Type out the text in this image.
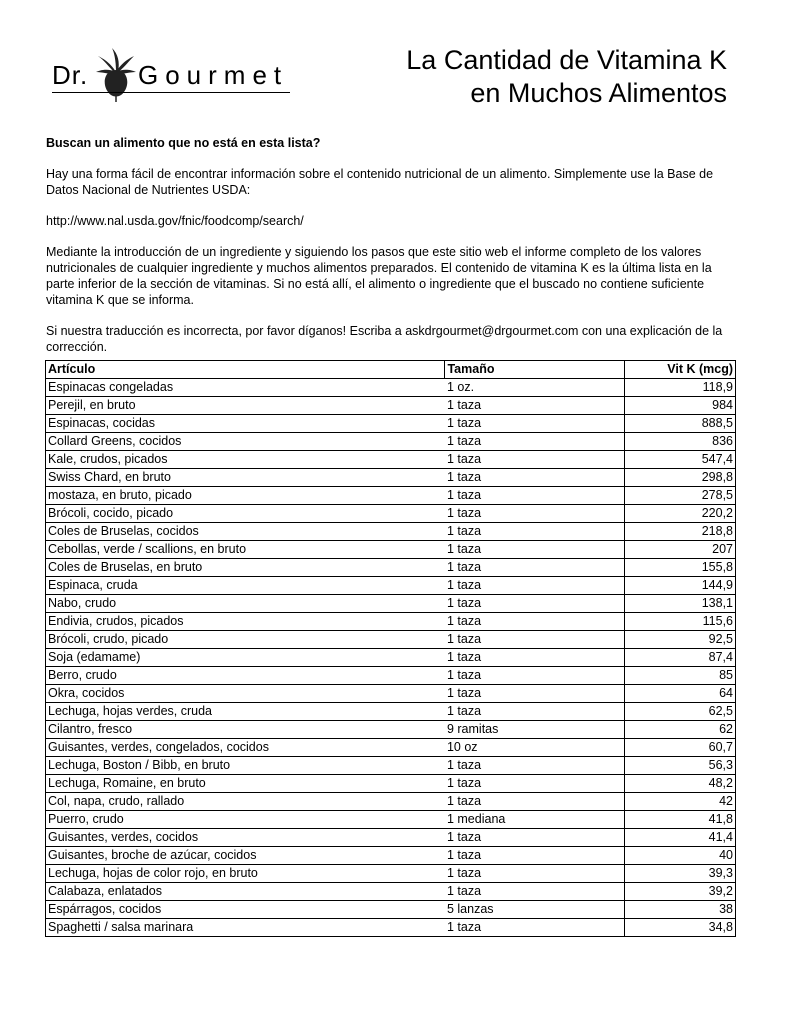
Dr. Gourmet	La Cantidad de Vitamina K
en Muchos Alimentos

Buscan un alimento que no está en esta lista?

Hay una forma fácil de encontrar información sobre el contenido nutricional de un alimento. Simplemente use la Base de Datos Nacional de Nutrientes USDA:

http://www.nal.usda.gov/fnic/foodcomp/search/

Mediante la introducción de un ingrediente y siguiendo los pasos que este sitio web el informe completo de los valores nutricionales de cualquier ingrediente y muchos alimentos preparados. El contenido de vitamina K es la última lista en la parte inferior de la sección de vitaminas. Si no está allí, el alimento o ingrediente que el buscado no contiene suficiente vitamina K que se informa.

Si nuestra traducción es incorrecta, por favor díganos! Escriba a askdrgourmet@drgourmet.com con una explicación de la corrección.

Artículo	Tamaño	Vit K (mcg)
Espinacas congeladas	1 oz.	118,9
Perejil, en bruto	1 taza	984
Espinacas, cocidas	1 taza	888,5
Collard Greens, cocidos	1 taza	836
Kale, crudos, picados	1 taza	547,4
Swiss Chard, en bruto	1 taza	298,8
mostaza, en bruto, picado	1 taza	278,5
Brócoli, cocido, picado	1 taza	220,2
Coles de Bruselas, cocidos	1 taza	218,8
Cebollas, verde / scallions, en bruto	1 taza	207
Coles de Bruselas, en bruto	1 taza	155,8
Espinaca, cruda	1 taza	144,9
Nabo, crudo	1 taza	138,1
Endivia, crudos, picados	1 taza	115,6
Brócoli, crudo, picado	1 taza	92,5
Soja (edamame)	1 taza	87,4
Berro, crudo	1 taza	85
Okra, cocidos	1 taza	64
Lechuga, hojas verdes, cruda	1 taza	62,5
Cilantro, fresco	9 ramitas	62
Guisantes, verdes, congelados, cocidos	10 oz	60,7
Lechuga, Boston / Bibb, en bruto	1 taza	56,3
Lechuga, Romaine, en bruto	1 taza	48,2
Col, napa, crudo, rallado	1 taza	42
Puerro, crudo	1 mediana	41,8
Guisantes, verdes, cocidos	1 taza	41,4
Guisantes, broche de azúcar, cocidos	1 taza	40
Lechuga, hojas de color rojo, en bruto	1 taza	39,3
Calabaza, enlatados	1 taza	39,2
Espárragos, cocidos	5 lanzas	38
Spaghetti / salsa marinara	1 taza	34,8
